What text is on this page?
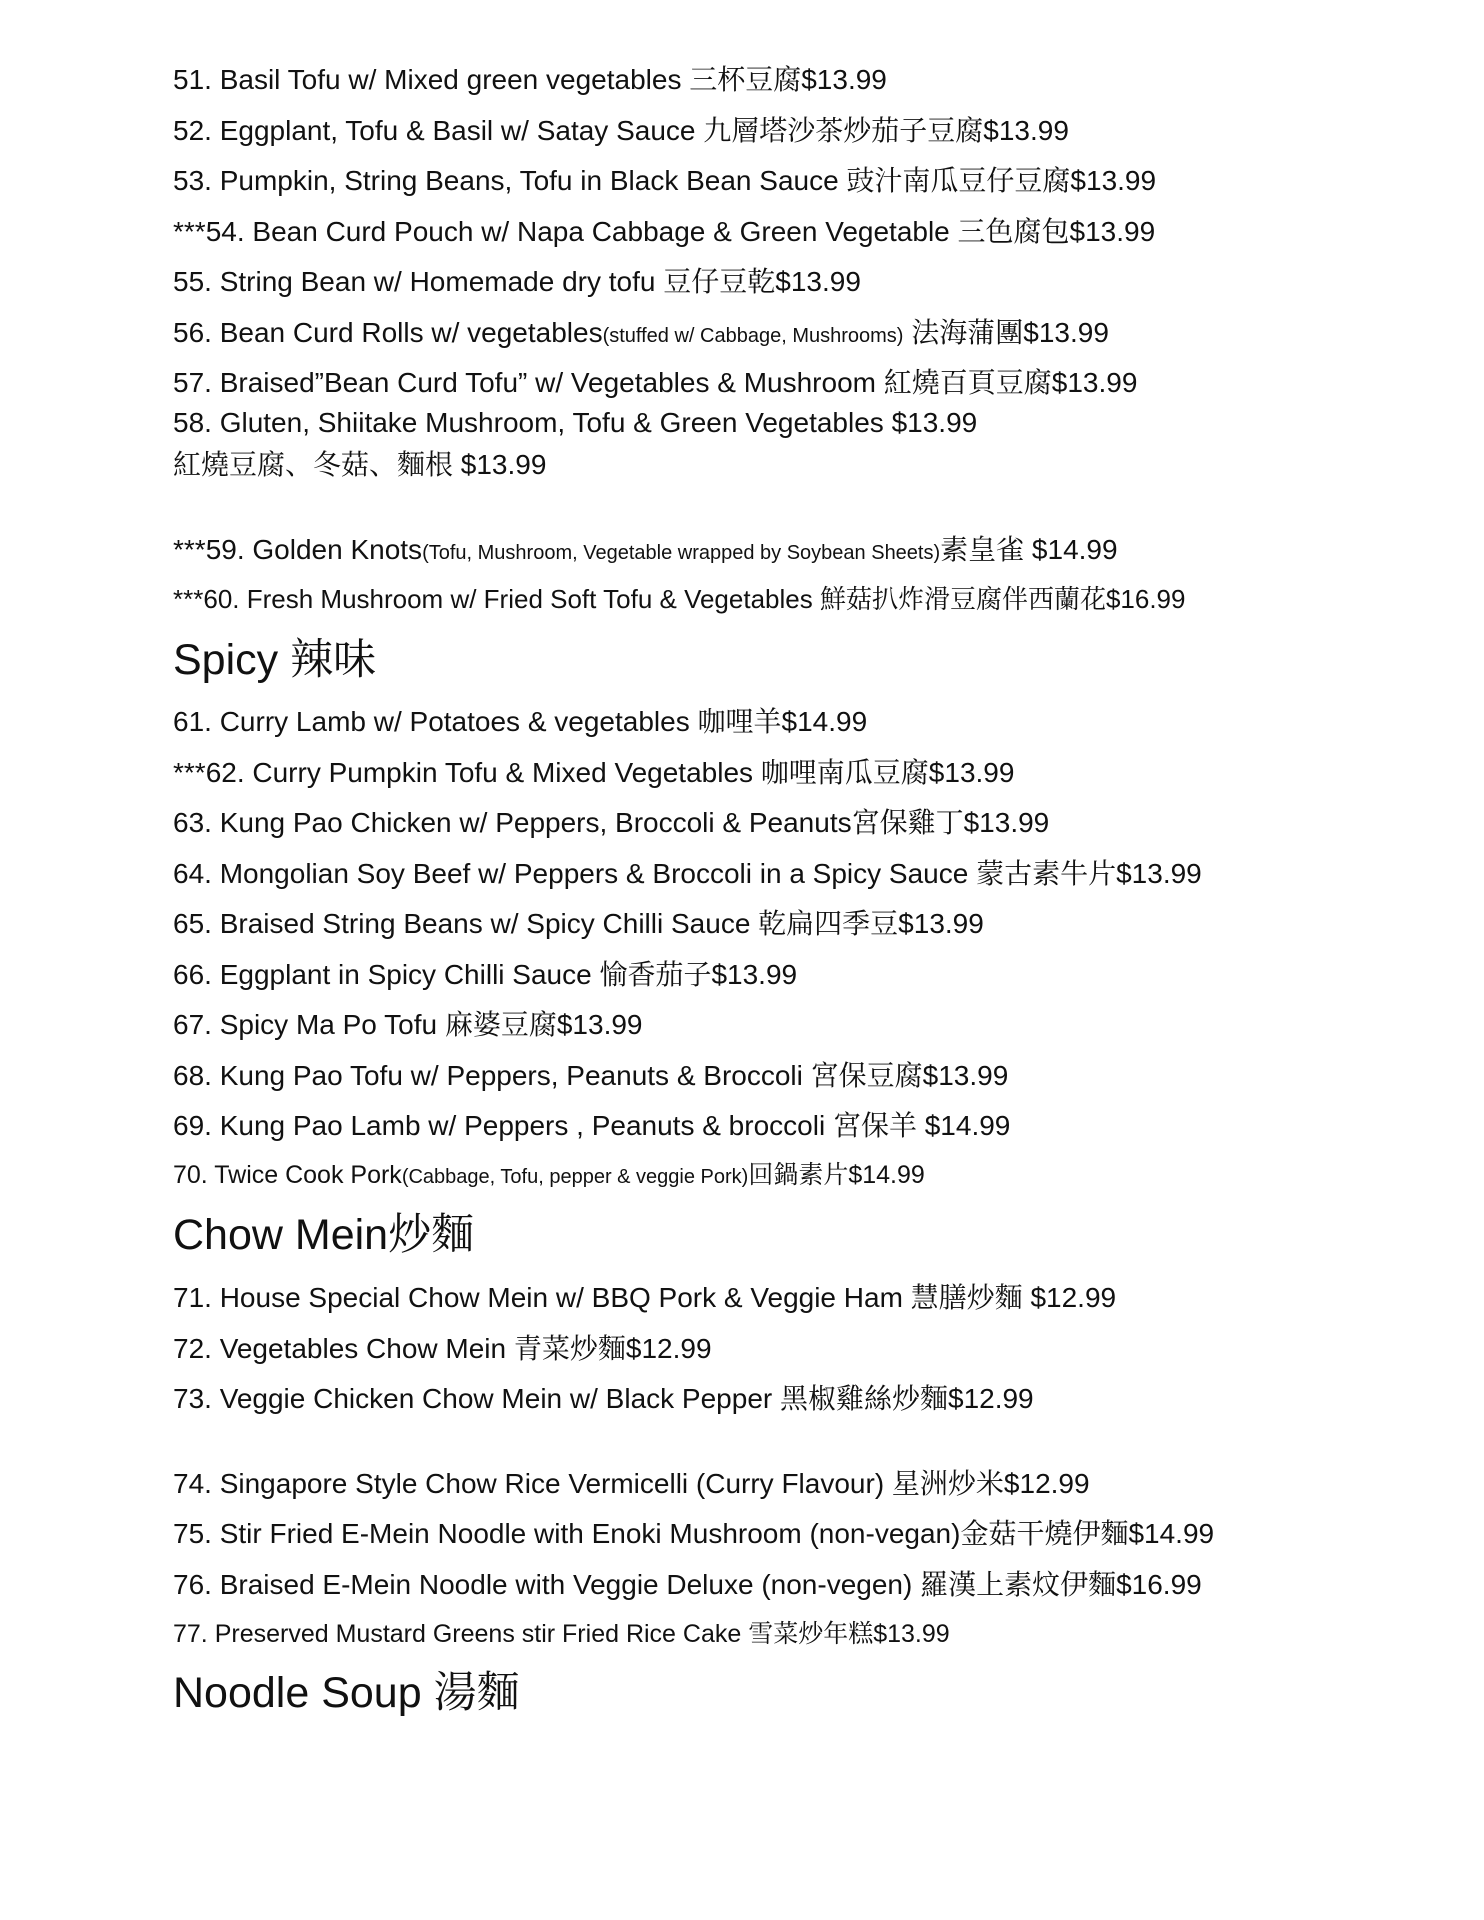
51. Basil Tofu w/ Mixed green vegetables 三杯豆腐$13.99
52. Eggplant, Tofu & Basil w/ Satay Sauce 九層塔沙茶炒茄子豆腐$13.99
53. Pumpkin, String Beans, Tofu in Black Bean Sauce 豉汁南瓜豆仔豆腐$13.99
***54. Bean Curd Pouch w/ Napa Cabbage & Green Vegetable 三色腐包$13.99
55. String Bean w/ Homemade dry tofu 豆仔豆乾$13.99
56. Bean Curd Rolls w/ vegetables(stuffed w/ Cabbage, Mushrooms) 法海蒲團$13.99
57. Braised”Bean Curd Tofu” w/ Vegetables & Mushroom 紅燒百頁豆腐$13.99
58. Gluten, Shiitake Mushroom, Tofu & Green Vegetables $13.99
紅燒豆腐、冬菇、麵根 $13.99
***59. Golden Knots(Tofu, Mushroom, Vegetable wrapped by Soybean Sheets)素皇雀 $14.99
***60. Fresh Mushroom w/ Fried Soft Tofu & Vegetables 鮮菇扒炸滑豆腐伴西蘭花$16.99
Spicy 辣味
61. Curry Lamb w/ Potatoes & vegetables 咖哩羊$14.99
***62. Curry Pumpkin Tofu & Mixed Vegetables 咖哩南瓜豆腐$13.99
63. Kung Pao Chicken w/ Peppers, Broccoli & Peanuts宮保雞丁$13.99
64. Mongolian Soy Beef w/ Peppers & Broccoli in a Spicy Sauce 蒙古素牛片$13.99
65. Braised String Beans w/ Spicy Chilli Sauce 乾扁四季豆$13.99
66. Eggplant in Spicy Chilli Sauce 愉香茄子$13.99
67. Spicy Ma Po Tofu 麻婆豆腐$13.99
68. Kung Pao Tofu w/ Peppers, Peanuts & Broccoli 宮保豆腐$13.99
69. Kung Pao Lamb w/ Peppers , Peanuts & broccoli 宮保羊 $14.99
70. Twice Cook Pork(Cabbage, Tofu, pepper & veggie Pork)回鍋素片$14.99
Chow Mein炒麵
71. House Special Chow Mein w/ BBQ Pork & Veggie Ham 慧膳炒麵 $12.99
72. Vegetables Chow Mein 青菜炒麵$12.99
73. Veggie Chicken Chow Mein w/ Black Pepper 黑椒雞絲炒麵$12.99
74. Singapore Style Chow Rice Vermicelli (Curry Flavour) 星洲炒米$12.99
75. Stir Fried E-Mein Noodle with Enoki Mushroom (non-vegan)金菇干燒伊麵$14.99
76. Braised E-Mein Noodle with Veggie Deluxe (non-vegen) 羅漢上素炆伊麵$16.99
77. Preserved Mustard Greens stir Fried Rice Cake 雪菜炒年糕$13.99
Noodle Soup 湯麵
